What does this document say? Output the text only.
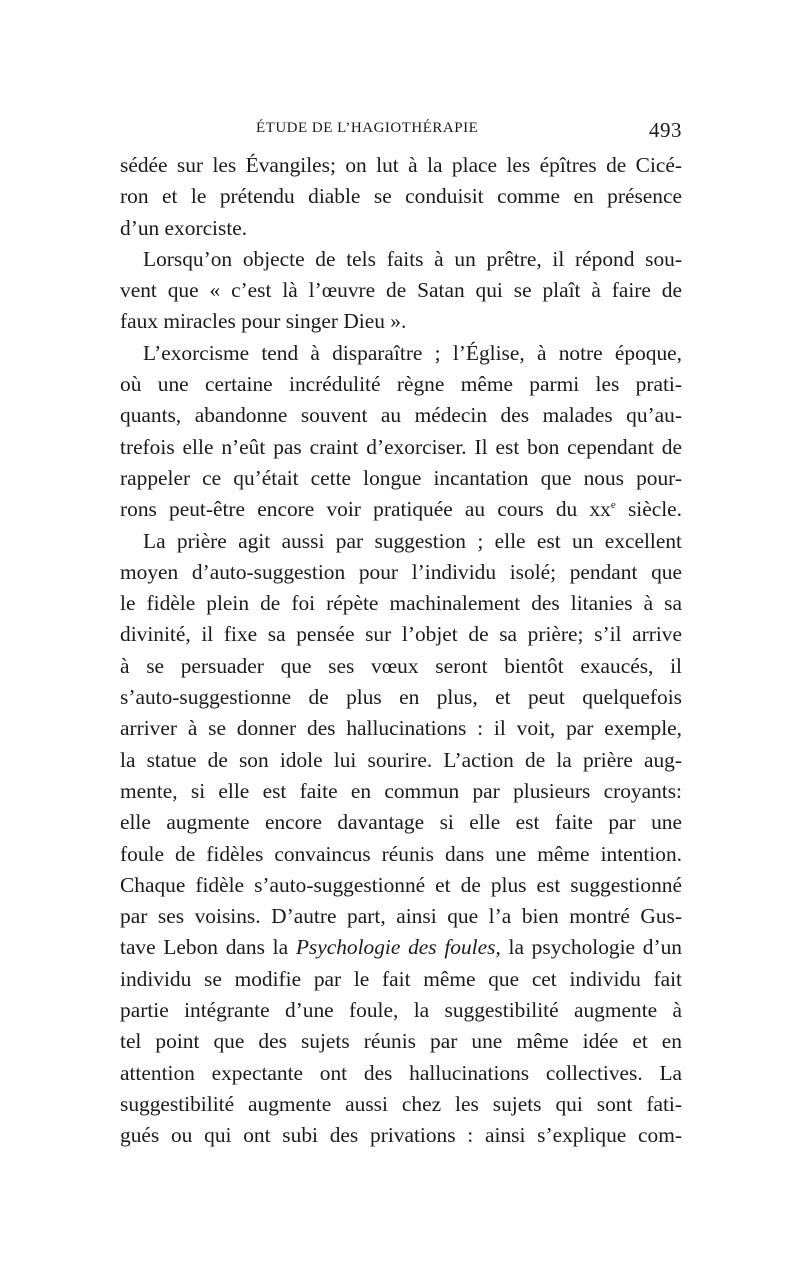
ÉTUDE DE L’HAGIOTHÉRAPIE	493

sédée sur les Évangiles; on lut à la place les épîtres de Cicé-
ron et le prétendu diable se conduisit comme en présence
d’un exorciste.

Lorsqu’on objecte de tels faits à un prêtre, il répond sou-
vent que « c’est là l’œuvre de Satan qui se plaît à faire de
faux miracles pour singer Dieu ».

L’exorcisme tend à disparaître ; l’Église, à notre époque,
où une certaine incrédulité règne même parmi les prati-
quants, abandonne souvent au médecin des malades qu’au-
trefois elle n’eût pas craint d’exorciser. Il est bon cependant de
rappeler ce qu’était cette longue incantation que nous pour-
rons peut-être encore voir pratiquée au cours du $xx^e$ siècle.

La prière agit aussi par suggestion ; elle est un excellent
moyen d’auto-suggestion pour l’individu isolé; pendant que
le fidèle plein de foi répète machinalement des litanies à sa
divinité, il fixe sa pensée sur l’objet de sa prière; s’il arrive
à se persuader que ses vœux seront bientôt exaucés, il
s’auto-suggestionne de plus en plus, et peut quelquefois
arriver à se donner des hallucinations : il voit, par exemple,
la statue de son idole lui sourire. L’action de la prière aug-
mente, si elle est faite en commun par plusieurs croyants:
elle augmente encore davantage si elle est faite par une
foule de fidèles convaincus réunis dans une même intention.
Chaque fidèle s’auto-suggestionné et de plus est suggestionné
par ses voisins. D’autre part, ainsi que l’a bien montré Gus-
tave Lebon dans la Psychologie des foules, la psychologie d’un
individu se modifie par le fait même que cet individu fait
partie intégrante d’une foule, la suggestibilité augmente à
tel point que des sujets réunis par une même idée et en
attention expectante ont des hallucinations collectives. La
suggestibilité augmente aussi chez les sujets qui sont fati-
gués ou qui ont subi des privations : ainsi s’explique com-
